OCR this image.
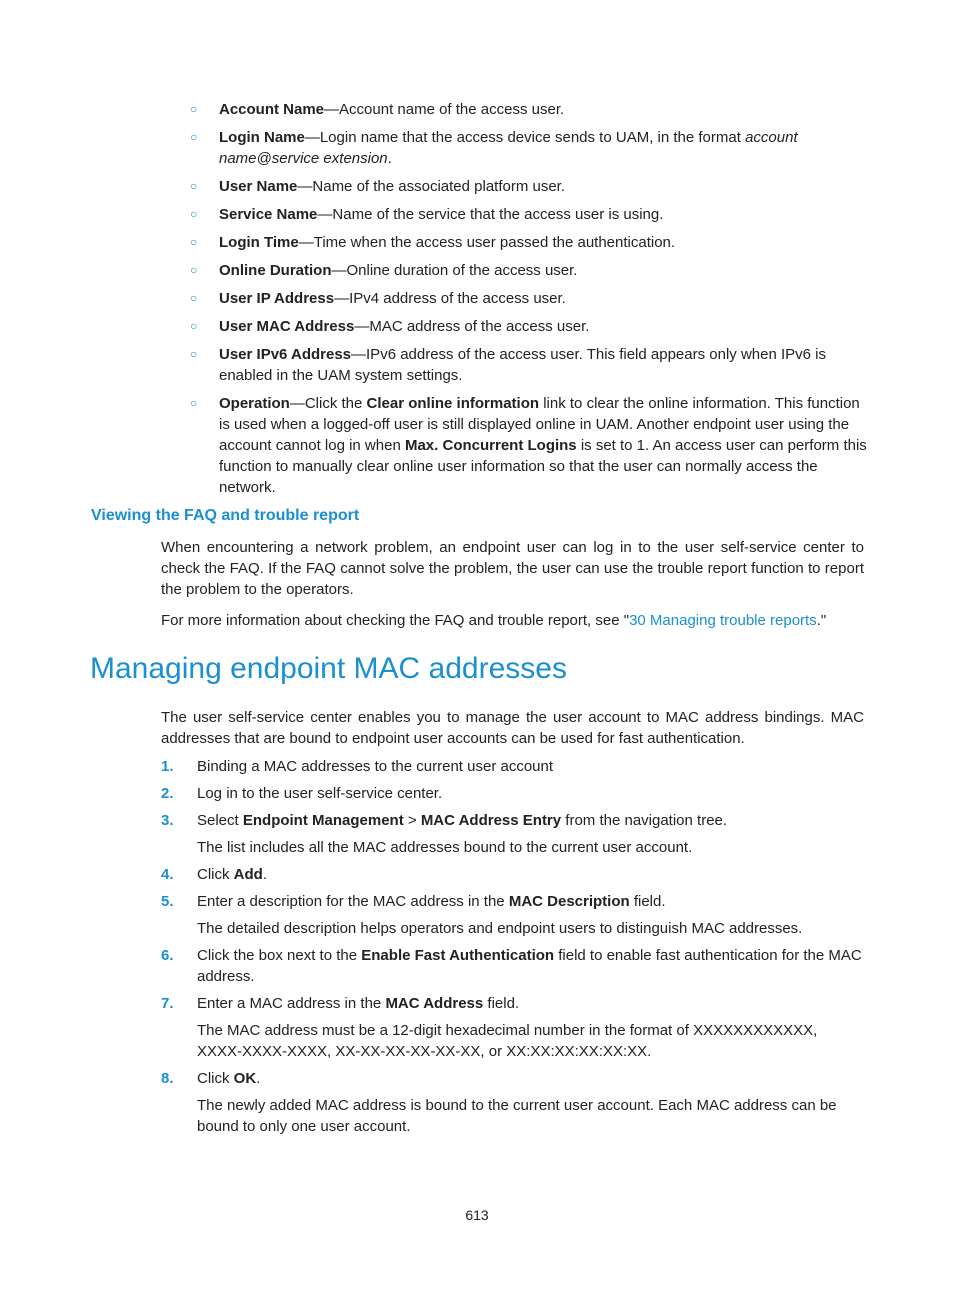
○ Account Name—Account name of the access user.
○ Login Name—Login name that the access device sends to UAM, in the format account name@service extension.
○ User Name—Name of the associated platform user.
○ Service Name—Name of the service that the access user is using.
○ Login Time—Time when the access user passed the authentication.
○ Online Duration—Online duration of the access user.
○ User IP Address—IPv4 address of the access user.
○ User MAC Address—MAC address of the access user.
○ User IPv6 Address—IPv6 address of the access user. This field appears only when IPv6 is enabled in the UAM system settings.
○ Operation—Click the Clear online information link to clear the online information. This function is used when a logged-off user is still displayed online in UAM. Another endpoint user using the account cannot log in when Max. Concurrent Logins is set to 1. An access user can perform this function to manually clear online user information so that the user can normally access the network.
Viewing the FAQ and trouble report
When encountering a network problem, an endpoint user can log in to the user self-service center to check the FAQ. If the FAQ cannot solve the problem, the user can use the trouble report function to report the problem to the operators.
For more information about checking the FAQ and trouble report, see "30 Managing trouble reports."
Managing endpoint MAC addresses
The user self-service center enables you to manage the user account to MAC address bindings. MAC addresses that are bound to endpoint user accounts can be used for fast authentication.
1. Binding a MAC addresses to the current user account
2. Log in to the user self-service center.
3. Select Endpoint Management > MAC Address Entry from the navigation tree.
The list includes all the MAC addresses bound to the current user account.
4. Click Add.
5. Enter a description for the MAC address in the MAC Description field.
The detailed description helps operators and endpoint users to distinguish MAC addresses.
6. Click the box next to the Enable Fast Authentication field to enable fast authentication for the MAC address.
7. Enter a MAC address in the MAC Address field.
The MAC address must be a 12-digit hexadecimal number in the format of XXXXXXXXXXXX, XXXX-XXXX-XXXX, XX-XX-XX-XX-XX-XX, or XX:XX:XX:XX:XX:XX.
8. Click OK.
The newly added MAC address is bound to the current user account. Each MAC address can be bound to only one user account.
613
